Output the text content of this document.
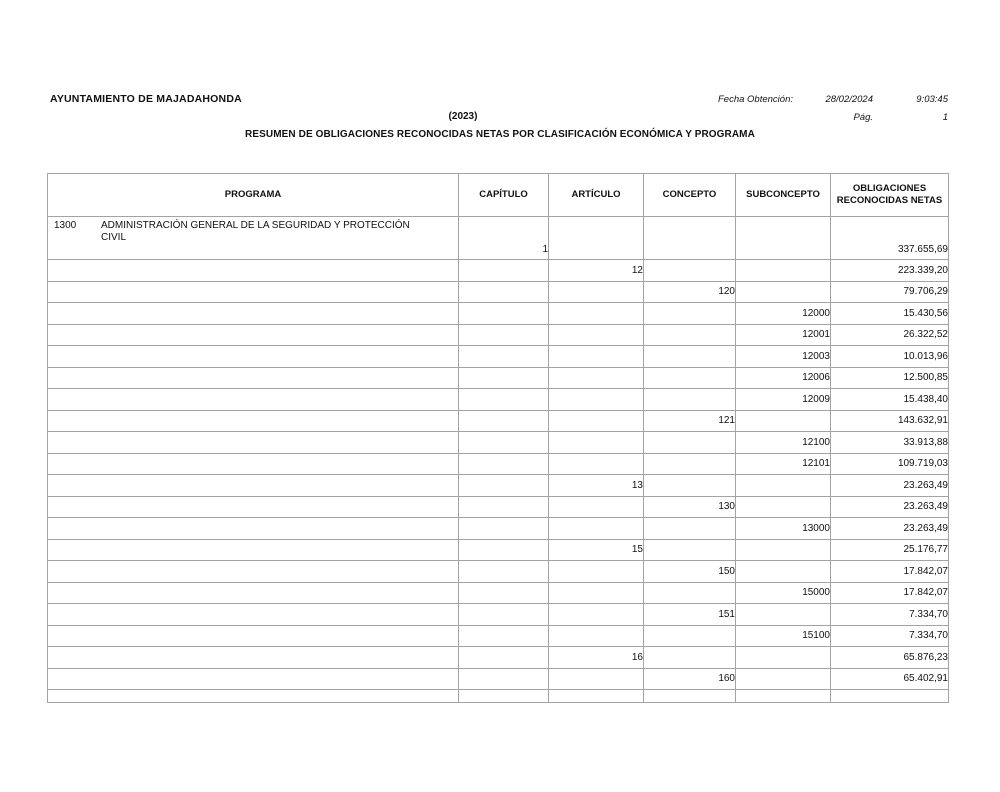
AYUNTAMIENTO DE MAJADAHONDA	Fecha Obtención:	28/02/2024	9:03:45
Pág.	1
(2023)
RESUMEN DE OBLIGACIONES RECONOCIDAS NETAS POR CLASIFICACIÓN ECONÓMICA Y PROGRAMA
PROGRAMA	CAPÍTULO	ARTÍCULO	CONCEPTO	SUBCONCEPTO	OBLIGACIONES RECONOCIDAS NETAS

1300 ADMINISTRACIÓN GENERAL DE LA SEGURIDAD Y PROTECCIÓN CIVIL	1				337.655,69
		12			223.339,20
			120		79.706,29
				12000	15.430,56
				12001	26.322,52
				12003	10.013,96
				12006	12.500,85
				12009	15.438,40
			121		143.632,91
				12100	33.913,88
				12101	109.719,03
		13			23.263,49
			130		23.263,49
				13000	23.263,49
		15			25.176,77
			150		17.842,07
				15000	17.842,07
			151		7.334,70
				15100	7.334,70
		16			65.876,23
			160		65.402,91
